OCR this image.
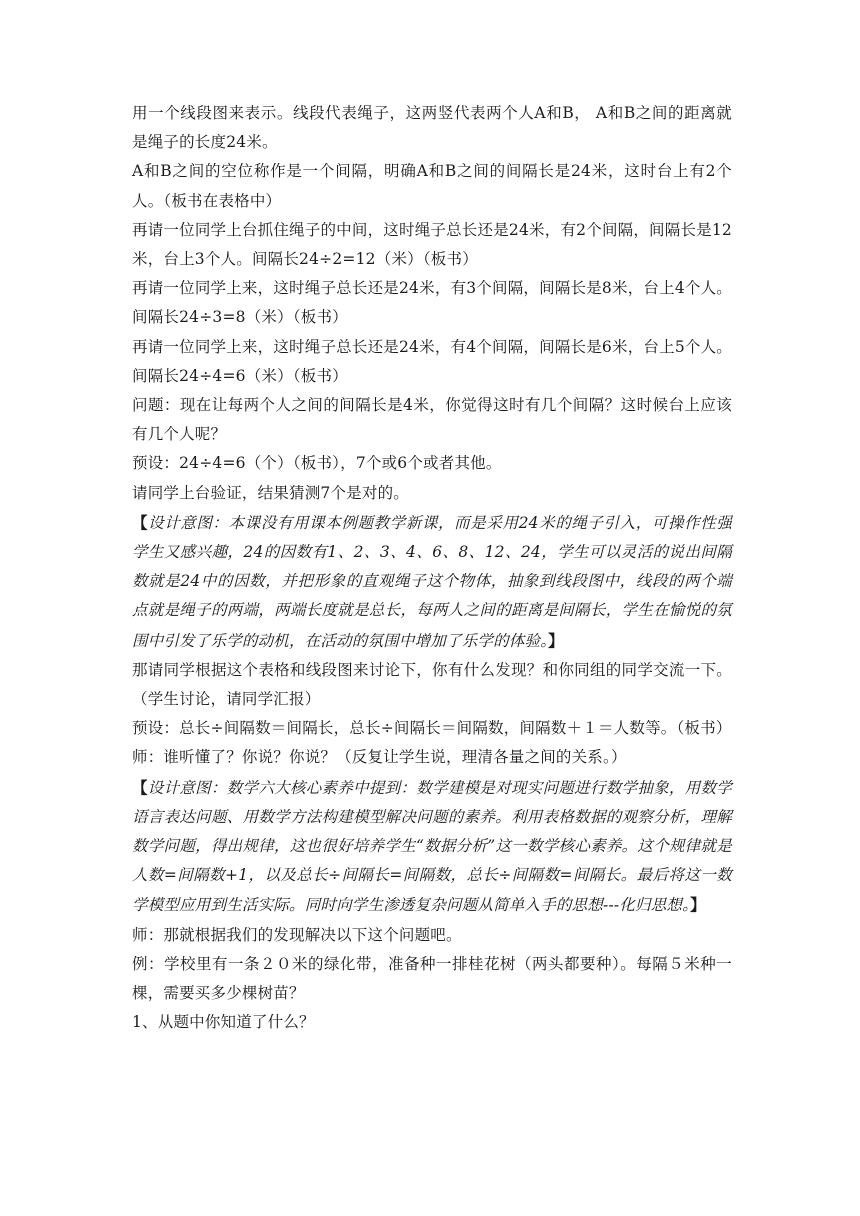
用一个线段图来表示。线段代表绳子，这两竖代表两个人A和B， A和B之间的距离就是绳子的长度24米。

A和B之间的空位称作是一个间隔，明确A和B之间的间隔长是24米，这时台上有2个人。（板书在表格中）

再请一位同学上台抓住绳子的中间，这时绳子总长还是24米，有2个间隔，间隔长是12米，台上3个人。间隔长24÷2=12（米）（板书）

再请一位同学上来，这时绳子总长还是24米，有3个间隔，间隔长是8米，台上4个人。间隔长24÷3=8（米）（板书）

再请一位同学上来，这时绳子总长还是24米，有4个间隔，间隔长是6米，台上5个人。间隔长24÷4=6（米）（板书）

问题：现在让每两个人之间的间隔长是4米，你觉得这时有几个间隔？这时候台上应该有几个人呢？

预设：24÷4=6（个）（板书），7个或6个或者其他。

请同学上台验证，结果猜测7个是对的。

【设计意图：本课没有用课本例题教学新课，而是采用24米的绳子引入，可操作性强学生又感兴趣，24的因数有1、2、3、4、6、8、12、24，学生可以灵活的说出间隔数就是24中的因数，并把形象的直观绳子这个物体，抽象到线段图中，线段的两个端点就是绳子的两端，两端长度就是总长，每两人之间的距离是间隔长，学生在愉悦的氛围中引发了乐学的动机，在活动的氛围中增加了乐学的体验。】

那请同学根据这个表格和线段图来讨论下，你有什么发现？和你同组的同学交流一下。（学生讨论，请同学汇报）

预设：总长÷间隔数＝间隔长，总长÷间隔长＝间隔数，间隔数＋１＝人数等。（板书）

师：谁听懂了？你说？你说？（反复让学生说，理清各量之间的关系。）

【设计意图：数学六大核心素养中提到：数学建模是对现实问题进行数学抽象，用数学语言表达问题、用数学方法构建模型解决问题的素养。利用表格数据的观察分析，理解数学问题，得出规律，这也很好培养学生“数据分析”这一数学核心素养。这个规律就是人数=间隔数+1，以及总长÷间隔长=间隔数，总长÷间隔数=间隔长。最后将这一数学模型应用到生活实际。同时向学生渗透复杂问题从简单入手的思想---化归思想。】

师：那就根据我们的发现解决以下这个问题吧。

例：学校里有一条２０米的绿化带，准备种一排桂花树（两头都要种）。每隔５米种一棵，需要买多少棵树苗？

1、从题中你知道了什么？
